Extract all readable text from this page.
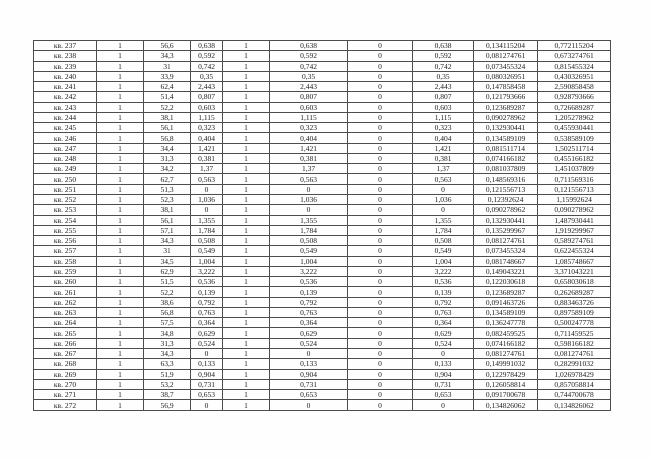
кв. 237	1	56,6	0,638	1	0,638	0	0,638	0,134115204	0,772115204
кв. 238	1	34,3	0,592	1	0,592	0	0,592	0,081274761	0,673274761
кв. 239	1	31	0,742	1	0,742	0	0,742	0,073455324	0,815455324
кв. 240	1	33,9	0,35	1	0,35	0	0,35	0,080326951	0,430326951
кв. 241	1	62,4	2,443	1	2,443	0	2,443	0,147858458	2,590858458
кв. 242	1	51,4	0,807	1	0,807	0	0,807	0,121793666	0,928793666
кв. 243	1	52,2	0,603	1	0,603	0	0,603	0,123689287	0,726689287
кв. 244	1	38,1	1,115	1	1,115	0	1,115	0,090278962	1,205278962
кв. 245	1	56,1	0,323	1	0,323	0	0,323	0,132930441	0,455930441
кв. 246	1	56,8	0,404	1	0,404	0	0,404	0,134589109	0,538589109
кв. 247	1	34,4	1,421	1	1,421	0	1,421	0,081511714	1,502511714
кв. 248	1	31,3	0,381	1	0,381	0	0,381	0,074166182	0,455166182
кв. 249	1	34,2	1,37	1	1,37	0	1,37	0,081037809	1,451037809
кв. 250	1	62,7	0,563	1	0,563	0	0,563	0,148569316	0,711569316
кв. 251	1	51,3	0	1	0	0	0	0,121556713	0,121556713
кв. 252	1	52,3	1,036	1	1,036	0	1,036	0,12392624	1,15992624
кв. 253	1	38,1	0	1	0	0	0	0,090278962	0,090278962
кв. 254	1	56,1	1,355	1	1,355	0	1,355	0,132930441	1,487930441
кв. 255	1	57,1	1,784	1	1,784	0	1,784	0,135299967	1,919299967
кв. 256	1	34,3	0,508	1	0,508	0	0,508	0,081274761	0,589274761
кв. 257	1	31	0,549	1	0,549	0	0,549	0,073455324	0,622455324
кв. 258	1	34,5	1,004	1	1,004	0	1,004	0,081748667	1,085748667
кв. 259	1	62,9	3,222	1	3,222	0	3,222	0,149043221	3,371043221
кв. 260	1	51,5	0,536	1	0,536	0	0,536	0,122030618	0,658030618
кв. 261	1	52,2	0,139	1	0,139	0	0,139	0,123689287	0,262689287
кв. 262	1	38,6	0,792	1	0,792	0	0,792	0,091463726	0,883463726
кв. 263	1	56,8	0,763	1	0,763	0	0,763	0,134589109	0,897589109
кв. 264	1	57,5	0,364	1	0,364	0	0,364	0,136247778	0,500247778
кв. 265	1	34,8	0,629	1	0,629	0	0,629	0,082459525	0,711459525
кв. 266	1	31,3	0,524	1	0,524	0	0,524	0,074166182	0,598166182
кв. 267	1	34,3	0	1	0	0	0	0,081274761	0,081274761
кв. 268	1	63,3	0,133	1	0,133	0	0,133	0,149991032	0,282991032
кв. 269	1	51,9	0,904	1	0,904	0	0,904	0,122978429	1,026978429
кв. 270	1	53,2	0,731	1	0,731	0	0,731	0,126058814	0,857058814
кв. 271	1	38,7	0,653	1	0,653	0	0,653	0,091700678	0,744700678
кв. 272	1	56,9	0	1	0	0	0	0,134826062	0,134826062
